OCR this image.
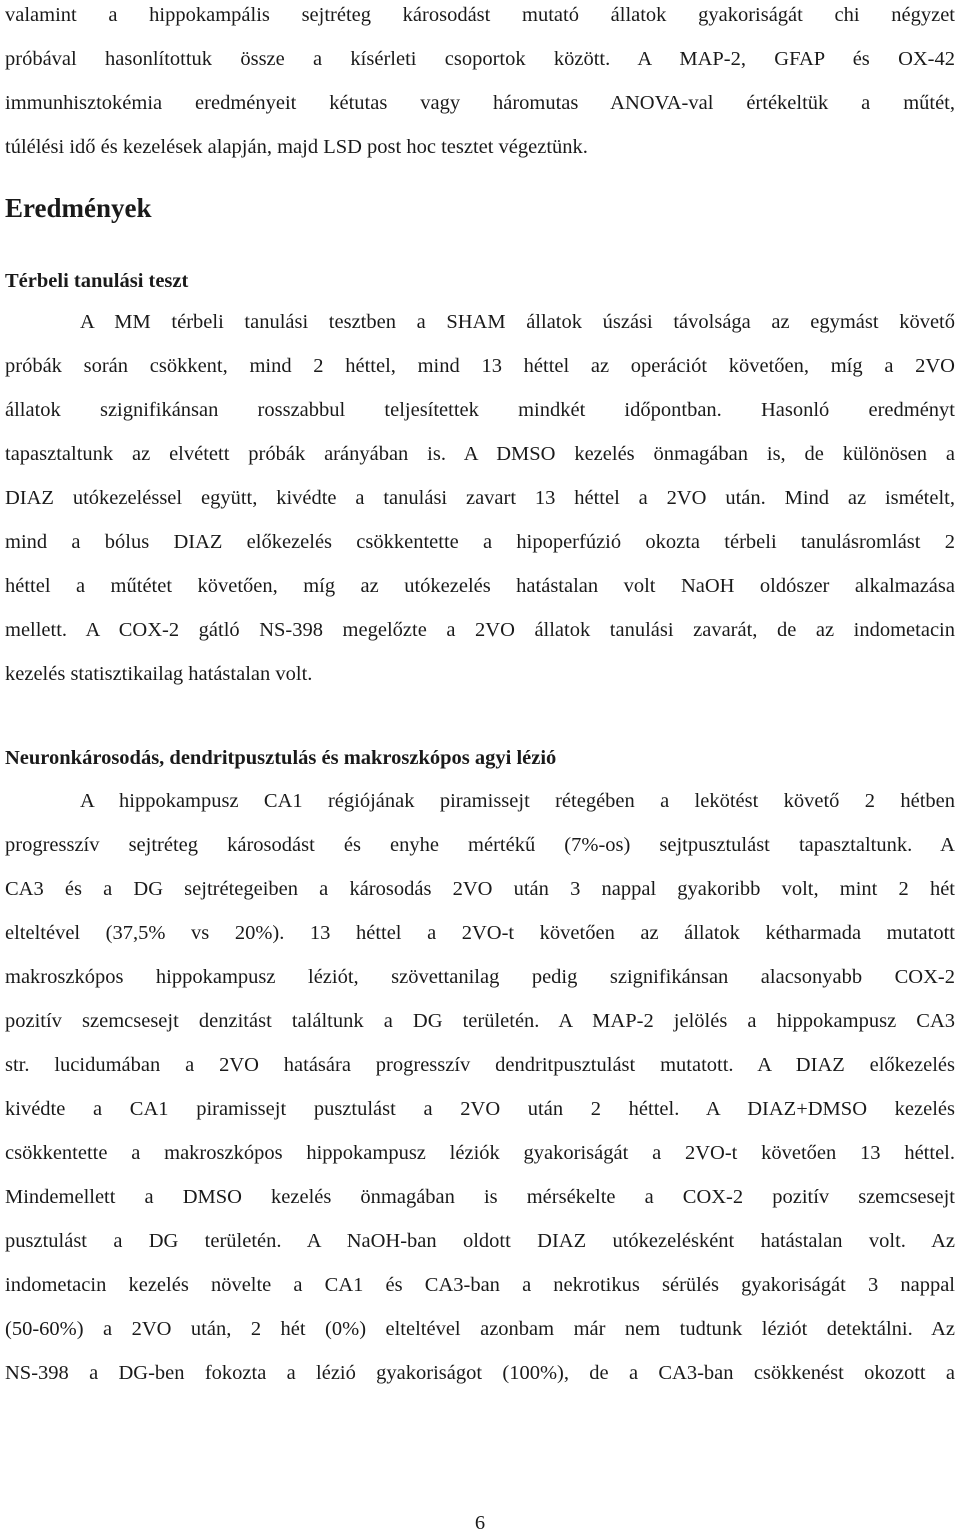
valamint a hippokampális sejtréteg károsodást mutató állatok gyakoriságát chi négyzet
próbával hasonlítottuk össze a kísérleti csoportok között. A MAP-2, GFAP és OX-42
immunhisztokémia eredményeit kétutas vagy háromutas ANOVA-val értékeltük a műtét,
túlélési idő és kezelések alapján, majd LSD post hoc tesztet végeztünk.
Eredmények
Térbeli tanulási teszt
A MM térbeli tanulási tesztben a SHAM állatok úszási távolsága az egymást követő
próbák során csökkent, mind 2 héttel, mind 13 héttel az operációt követően, míg a 2VO
állatok szignifikánsan rosszabbul teljesítettek mindkét időpontban. Hasonló eredményt
tapasztaltunk az elvétett próbák arányában is. A DMSO kezelés önmagában is, de különösen a
DIAZ utókezeléssel együtt, kivédte a tanulási zavart 13 héttel a 2VO után. Mind az ismételt,
mind a bólus DIAZ előkezelés csökkentette a hipoperfúzió okozta térbeli tanulásromlást 2
héttel a műtétet követően, míg az utókezelés hatástalan volt NaOH oldószer alkalmazása
mellett. A COX-2 gátló NS-398 megelőzte a 2VO állatok tanulási zavarát, de az indometacin
kezelés statisztikailag hatástalan volt.
Neuronkárosodás, dendritpusztulás és makroszkópos agyi lézió
A hippokampusz CA1 régiójának piramissejt rétegében a lekötést követő 2 hétben
progresszív sejtréteg károsodást és enyhe mértékű (7%-os) sejtpusztulást tapasztaltunk. A
CA3 és a DG sejtrétegeiben a károsodás 2VO után 3 nappal gyakoribb volt, mint 2 hét
elteltével (37,5% vs 20%). 13 héttel a 2VO-t követően az állatok kétharmada mutatott
makroszkópos hippokampusz léziót, szövettanilag pedig szignifikánsan alacsonyabb COX-2
pozitív szemcsesejt denzitást találtunk a DG területén. A MAP-2 jelölés a hippokampusz CA3
str. lucidumában a 2VO hatására progresszív dendritpusztulást mutatott. A DIAZ előkezelés
kivédte a CA1 piramissejt pusztulást a 2VO után 2 héttel. A DIAZ+DMSO kezelés
csökkentette a makroszkópos hippokampusz léziók gyakoriságát a 2VO-t követően 13 héttel.
Mindemellett a DMSO kezelés önmagában is mérsékelte a COX-2 pozitív szemcsesejt
pusztulást a DG területén. A NaOH-ban oldott DIAZ utókezelésként hatástalan volt. Az
indometacin kezelés növelte a CA1 és CA3-ban a nekrotikus sérülés gyakoriságát 3 nappal
(50-60%) a 2VO után, 2 hét (0%) elteltével azonbam már nem tudtunk léziót detektálni. Az
NS-398 a DG-ben fokozta a lézió gyakoriságot (100%), de a CA3-ban csökkenést okozott a
6
